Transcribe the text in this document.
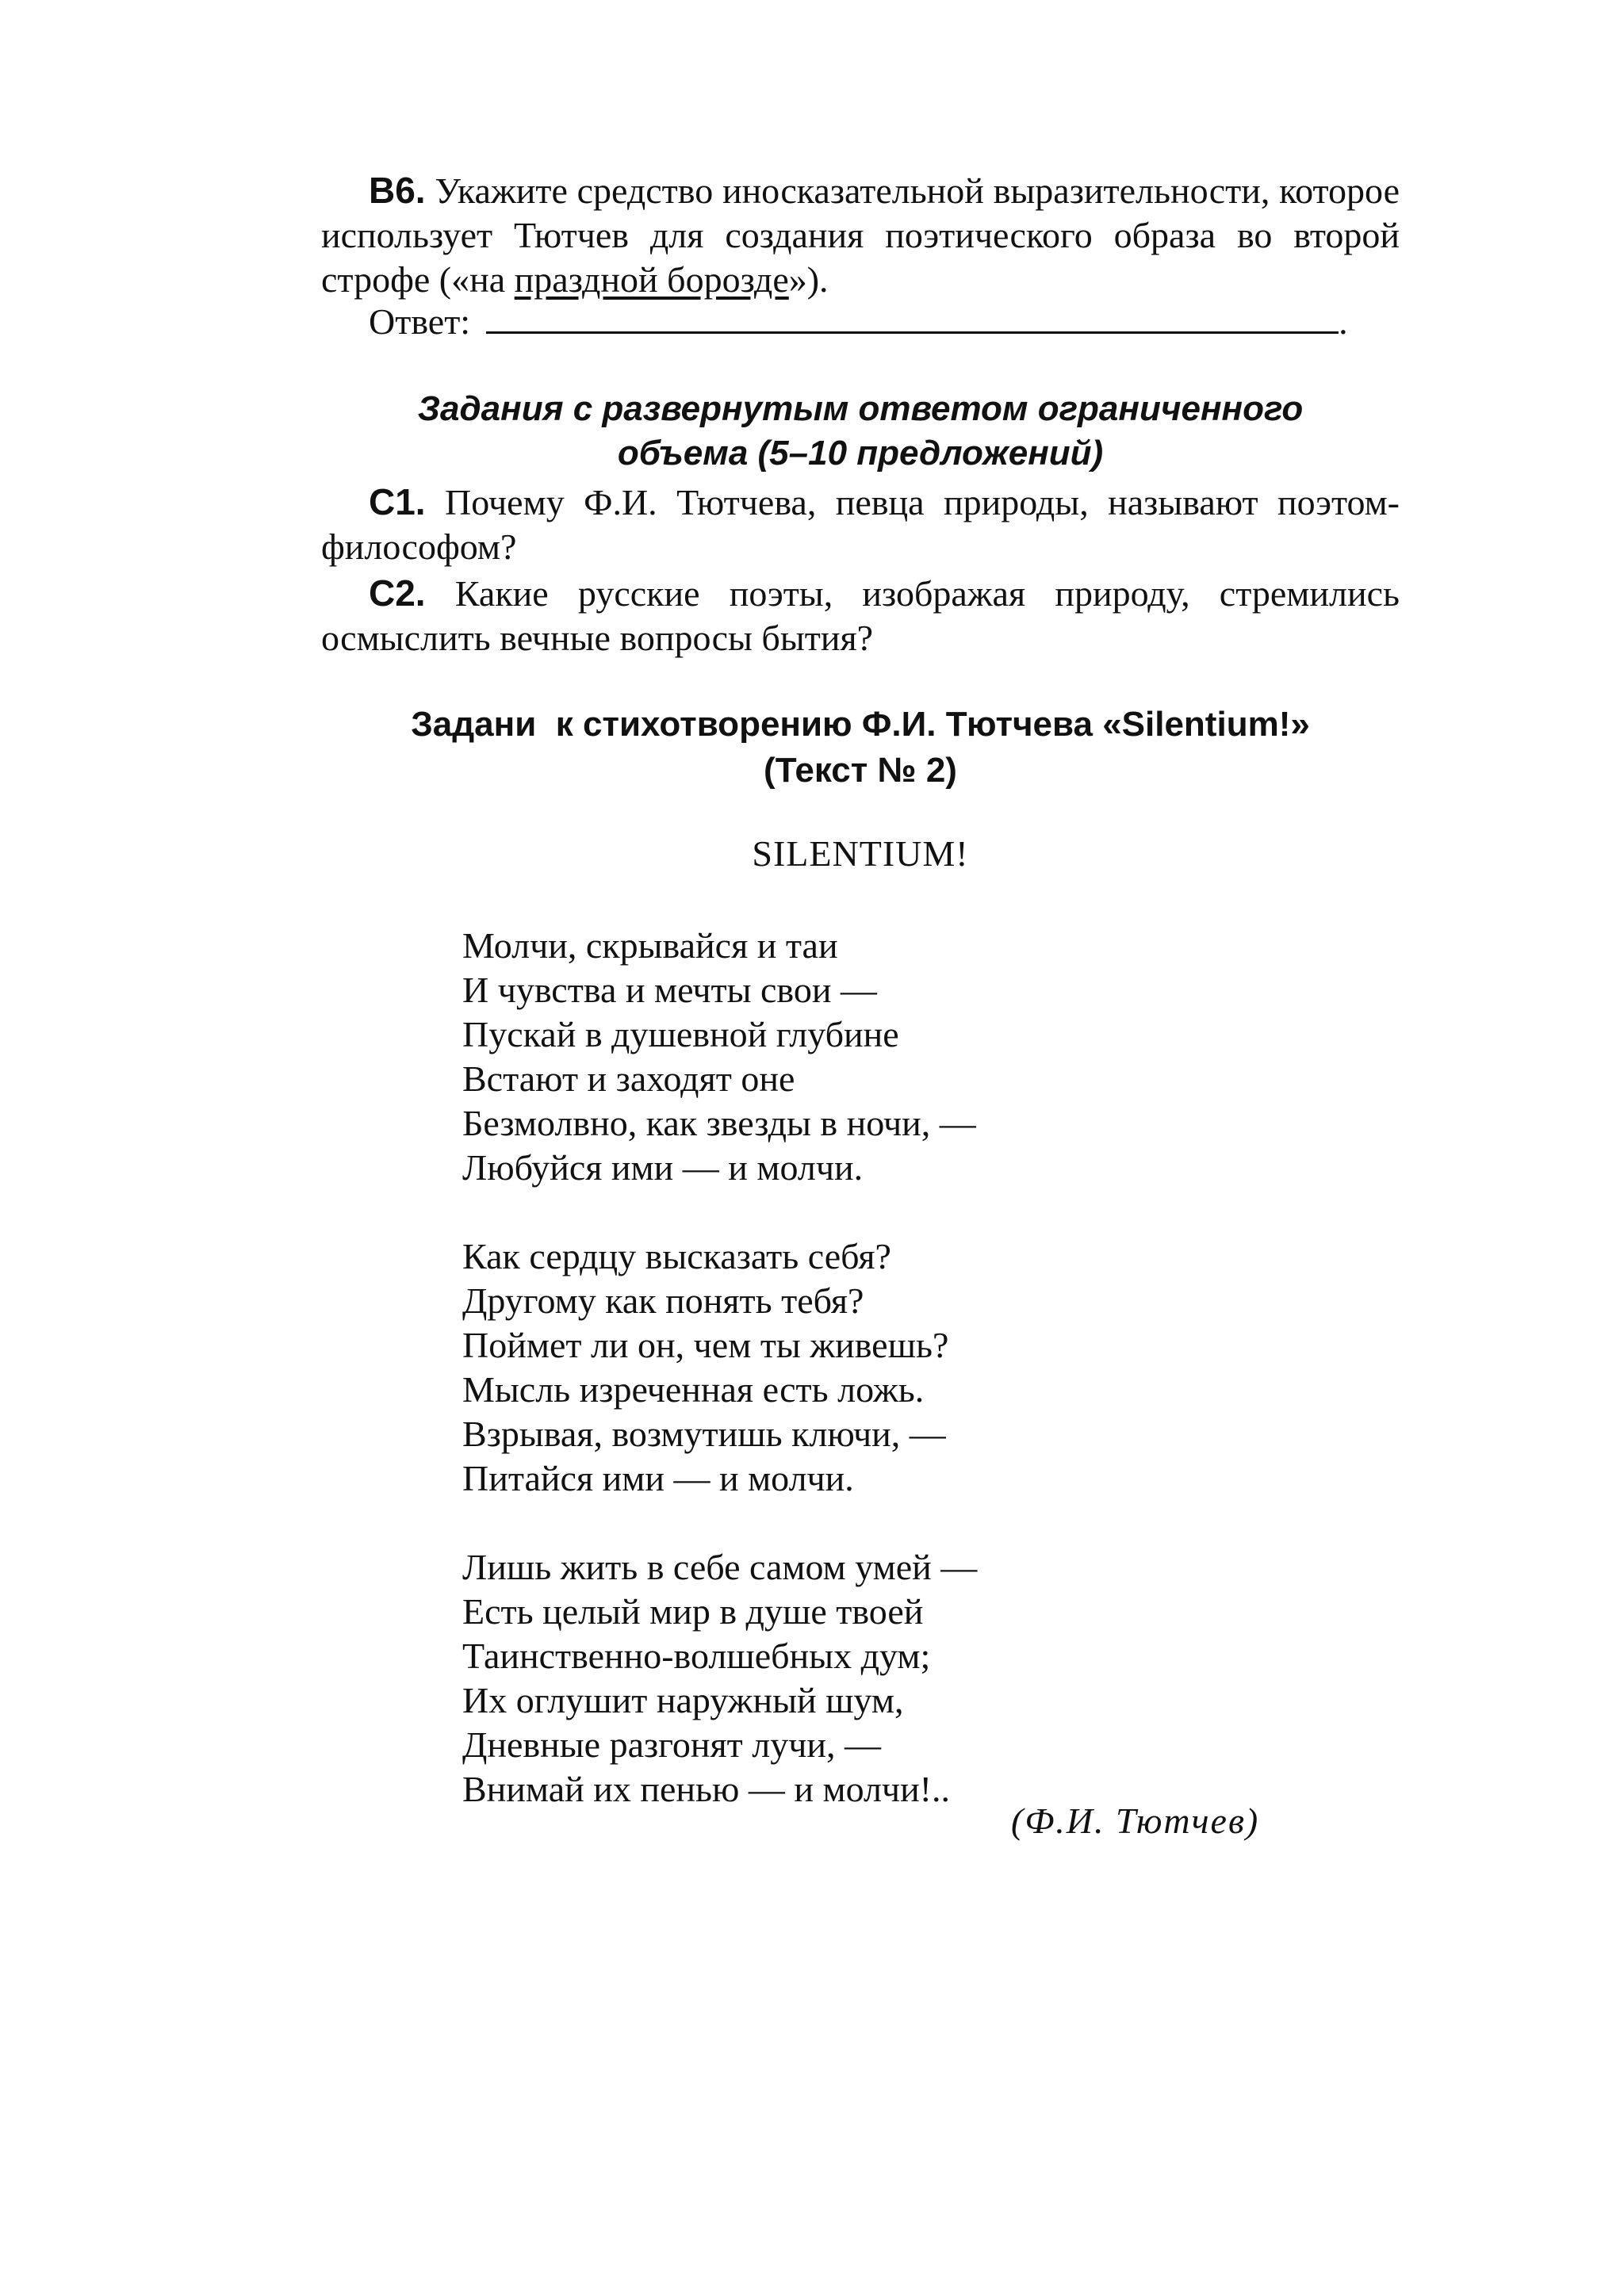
В6. Укажите средство иносказательной выразительности, которое использует Тютчев для создания поэтического образа во второй строфе («на праздной борозде»).

Ответ:	.
Задания с развернутым ответом ограниченного
объема (5–10 предложений)

С1. Почему Ф.И. Тютчева, певца природы, называют поэтом-философом?

С2. Какие русские поэты, изображая природу, стремились осмыслить вечные вопросы бытия?

Задани  к стихотворению Ф.И. Тютчева «Silentium!»
(Текст № 2)
SILENTIUM!
Молчи, скрывайся и таи
И чувства и мечты свои —
Пускай в душевной глубине
Встают и заходят оне
Безмолвно, как звезды в ночи, —
Любуйся ими — и молчи.
Как сердцу высказать себя?
Другому как понять тебя?
Поймет ли он, чем ты живешь?
Мысль изреченная есть ложь.
Взрывая, возмутишь ключи, —
Питайся ими — и молчи.
Лишь жить в себе самом умей —
Есть целый мир в душе твоей
Таинственно-волшебных дум;
Их оглушит наружный шум,
Дневные разгонят лучи, —
Внимай их пенью — и молчи!..
(Ф.И. Тютчев)
